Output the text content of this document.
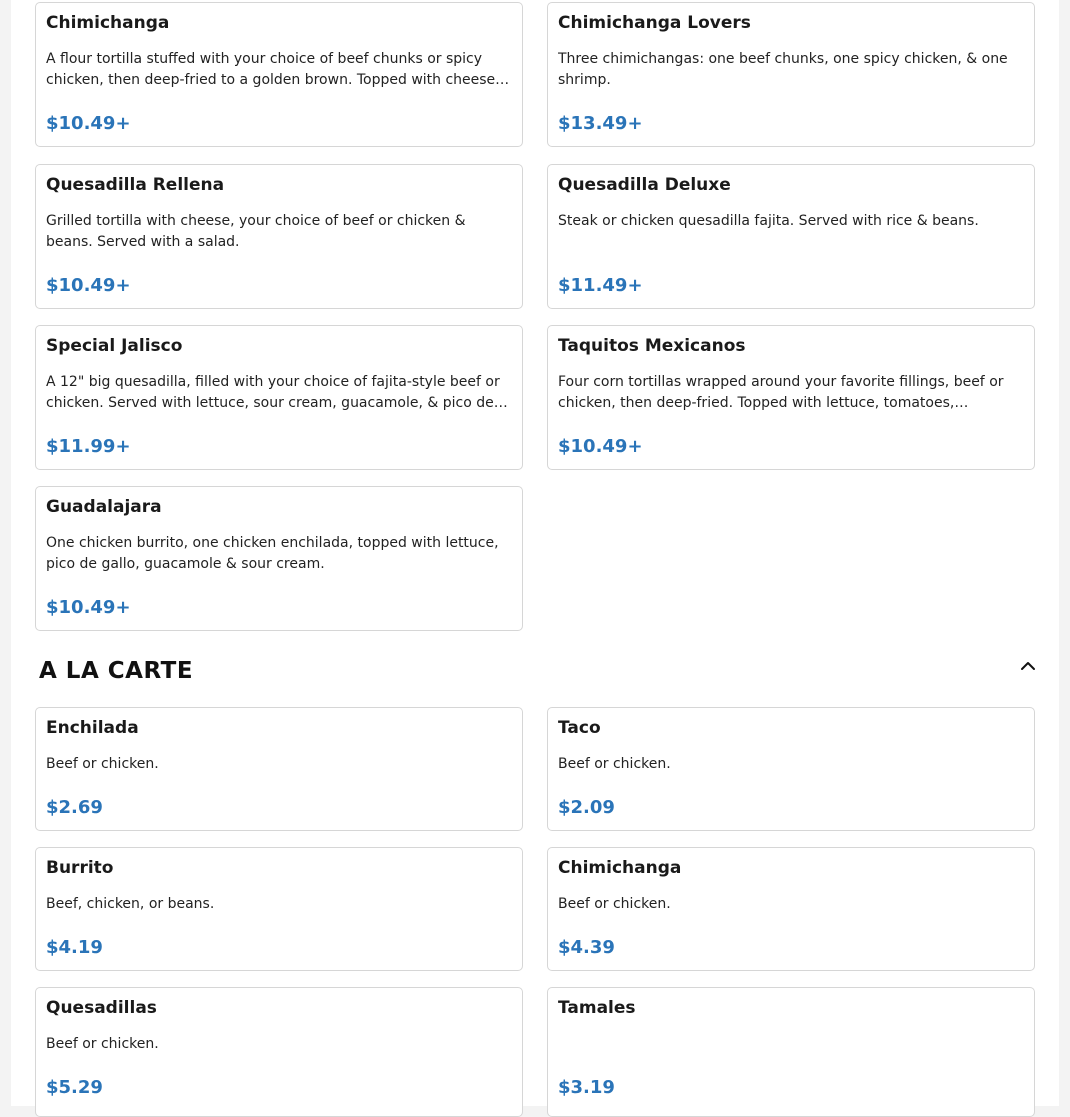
Chimichanga
A flour tortilla stuffed with your choice of beef chunks or spicy chicken, then deep-fried to a golden brown. Topped with cheese…
$10.49+
Chimichanga Lovers
Three chimichangas: one beef chunks, one spicy chicken, & one shrimp.
$13.49+
Quesadilla Rellena
Grilled tortilla with cheese, your choice of beef or chicken & beans. Served with a salad.
$10.49+
Quesadilla Deluxe
Steak or chicken quesadilla fajita. Served with rice & beans.
$11.49+
Special Jalisco
A 12" big quesadilla, filled with your choice of fajita-style beef or chicken. Served with lettuce, sour cream, guacamole, & pico de…
$11.99+
Taquitos Mexicanos
Four corn tortillas wrapped around your favorite fillings, beef or chicken, then deep-fried. Topped with lettuce, tomatoes,…
$10.49+
Guadalajara
One chicken burrito, one chicken enchilada, topped with lettuce, pico de gallo, guacamole & sour cream.
$10.49+
A LA CARTE
Enchilada
Beef or chicken.
$2.69
Taco
Beef or chicken.
$2.09
Burrito
Beef, chicken, or beans.
$4.19
Chimichanga
Beef or chicken.
$4.39
Quesadillas
Beef or chicken.
$5.29
Tamales
$3.19
